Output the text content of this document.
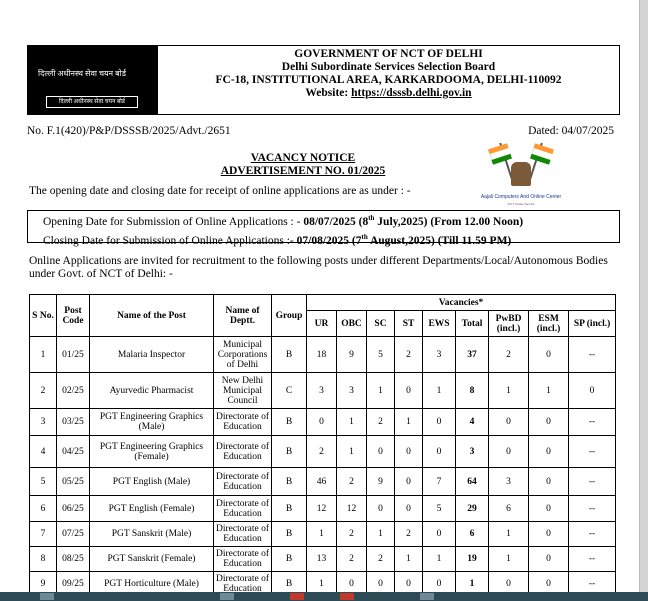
दिल्ली अधीनस्थ सेवा चयन बोर्ड
दिल्ली अधीनस्थ सेवा चयन बोर्ड
GOVERNMENT OF NCT OF DELHI
Delhi Subordinate Services Selection Board
FC-18, INSTITUTIONAL AREA, KARKARDOOMA, DELHI-110092
Website: https://dsssb.delhi.gov.in
No. F.1(420)/P&P/DSSSB/2025/Advt./2651	Dated: 04/07/2025
Aajali Computers And Online Center
24×7 Online Service
VACANCY NOTICE
ADVERTISEMENT NO. 01/2025
The opening date and closing date for receipt of online applications are as under : -
Opening Date for Submission of Online Applications : - 08/07/2025 (8th July,2025) (From 12.00 Noon)
Closing Date for Submission of Online Applications :- 07/08/2025 (7th August,2025) (Till 11.59 PM)
Online Applications are invited for recruitment to the following posts under different Departments/Local/Autonomous Bodies under Govt. of NCT of Delhi: -
S No.	Post Code	Name of the Post	Name of Deptt.	Group	Vacancies*								
					UR	OBC	SC	ST	EWS	Total	PwBD (incl.)	ESM (incl.)	SP (incl.)
1	01/25	Malaria Inspector	Municipal Corporations of Delhi	B	18	9	5	2	3	37	2	0	--
2	02/25	Ayurvedic Pharmacist	New Delhi Municipal Council	C	3	3	1	0	1	8	1	1	0
3	03/25	PGT Engineering Graphics (Male)	Directorate of Education	B	0	1	2	1	0	4	0	0	--
4	04/25	PGT Engineering Graphics (Female)	Directorate of Education	B	2	1	0	0	0	3	0	0	--
5	05/25	PGT English (Male)	Directorate of Education	B	46	2	9	0	7	64	3	0	--
6	06/25	PGT English (Female)	Directorate of Education	B	12	12	0	0	5	29	6	0	--
7	07/25	PGT Sanskrit (Male)	Directorate of Education	B	1	2	1	2	0	6	1	0	--
8	08/25	PGT Sanskrit (Female)	Directorate of Education	B	13	2	2	1	1	19	1	0	--
9	09/25	PGT Horticulture (Male)	Directorate of Education	B	1	0	0	0	0	1	0	0	--
